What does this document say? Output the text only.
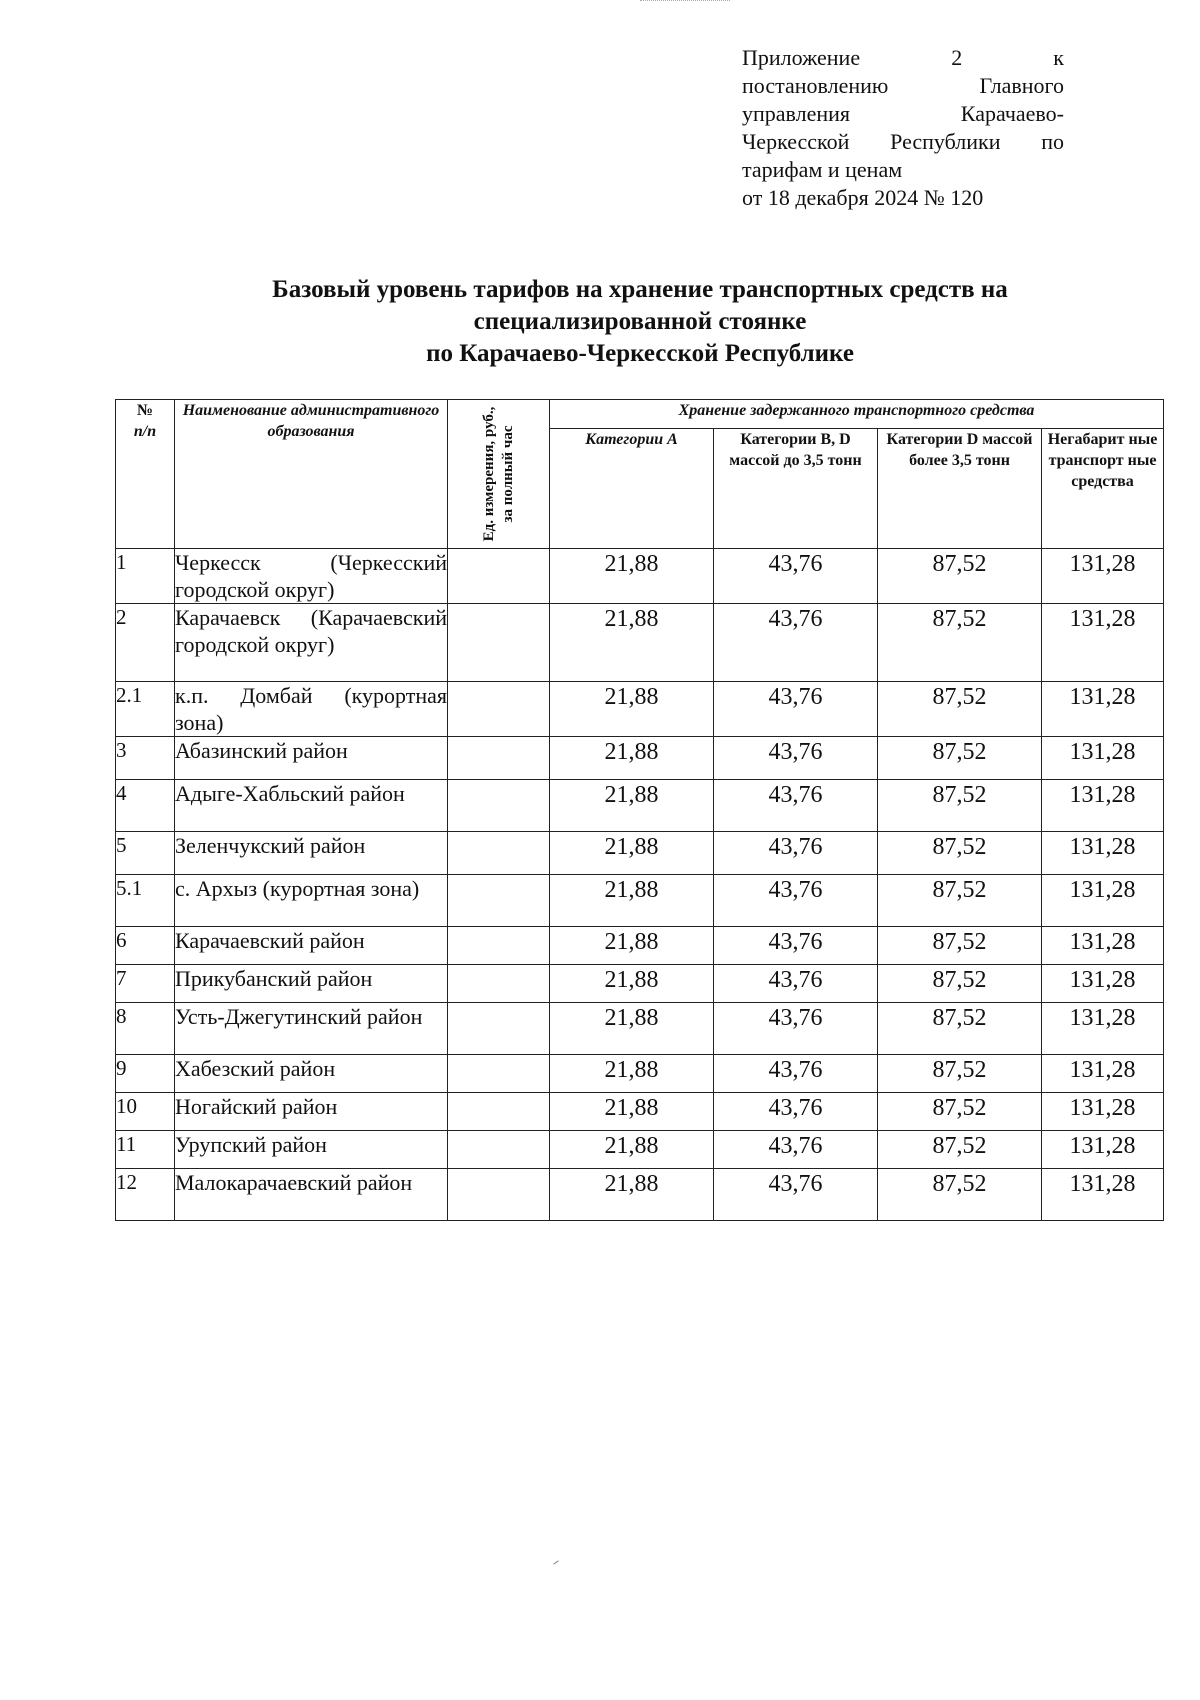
Приложение 2 к
постановлению Главного
управления Карачаево-
Черкесской Республики по
тарифам и ценам
от 18 декабря 2024 № 120
Базовый уровень тарифов на хранение транспортных средств на
специализированной стоянке
по Карачаево-Черкесской Республике
№
п/п	Наименование административного образования	Ед. измерения, руб., за полный час	Хранение задержанного транспортного средства			
			Категории А	Категории B, D массой до 3,5 тонн	Категории D массой более 3,5 тонн	Негабарит ные транспорт ные средства
1	Черкесск (Черкесский городской округ)		21,88	43,76	87,52	131,28
2	Карачаевск (Карачаевский городской округ)		21,88	43,76	87,52	131,28
2.1	к.п. Домбай (курортная зона)		21,88	43,76	87,52	131,28
3	Абазинский район		21,88	43,76	87,52	131,28
4	Адыге-Хабльский район		21,88	43,76	87,52	131,28
5	Зеленчукский район		21,88	43,76	87,52	131,28
5.1	с. Архыз (курортная зона)		21,88	43,76	87,52	131,28
6	Карачаевский район		21,88	43,76	87,52	131,28
7	Прикубанский район		21,88	43,76	87,52	131,28
8	Усть-Джегутинский район		21,88	43,76	87,52	131,28
9	Хабезский район		21,88	43,76	87,52	131,28
10	Ногайский район		21,88	43,76	87,52	131,28
11	Урупский район		21,88	43,76	87,52	131,28
12	Малокарачаевский район		21,88	43,76	87,52	131,28
